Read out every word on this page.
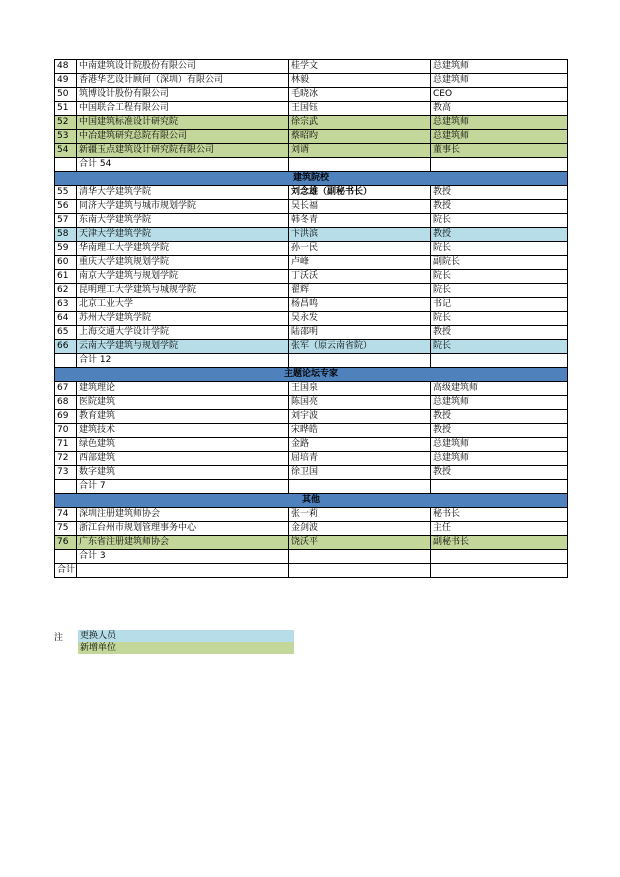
48	中南建筑设计院股份有限公司	桂学文	总建筑师
49	香港华艺设计顾问（深圳）有限公司	林毅	总建筑师
50	筑博设计股份有限公司	毛晓冰	CEO
51	中国联合工程有限公司	王国钰	教高
52	中国建筑标准设计研究院	徐宗武	总建筑师
53	中冶建筑研究总院有限公司	蔡昭昀	总建筑师
54	新疆玉点建筑设计研究院有限公司	刘谞	董事长
	合计 54		
建筑院校			
55	清华大学建筑学院	刘念雄（副秘书长）	教授
56	同济大学建筑与城市规划学院	吴长福	教授
57	东南大学建筑学院	韩冬青	院长
58	天津大学建筑学院	卞洪滨	教授
59	华南理工大学建筑学院	孙一民	院长
60	重庆大学建筑规划学院	卢峰	副院长
61	南京大学建筑与规划学院	丁沃沃	院长
62	昆明理工大学建筑与城规学院	翟辉	院长
63	北京工业大学	杨昌鸣	书记
64	苏州大学建筑学院	吴永发	院长
65	上海交通大学设计学院	陆邵明	教授
66	云南大学建筑与规划学院	张军（原云南省院）	院长
	合计 12		
主题论坛专家			
67	建筑理论	王国泉	高级建筑师
68	医院建筑	陈国亮	总建筑师
69	教育建筑	刘宇波	教授
70	建筑技术	宋晔皓	教授
71	绿色建筑	金路	总建筑师
72	西部建筑	屈培青	总建筑师
73	数字建筑	徐卫国	教授
	合计 7		
其他			
74	深圳注册建筑师协会	张一莉	秘书长
75	浙江台州市规划管理事务中心	金剑波	主任
76	广东省注册建筑师协会	饶沃平	副秘书长
	合计 3		
合计			
注 更换人员
新增单位
